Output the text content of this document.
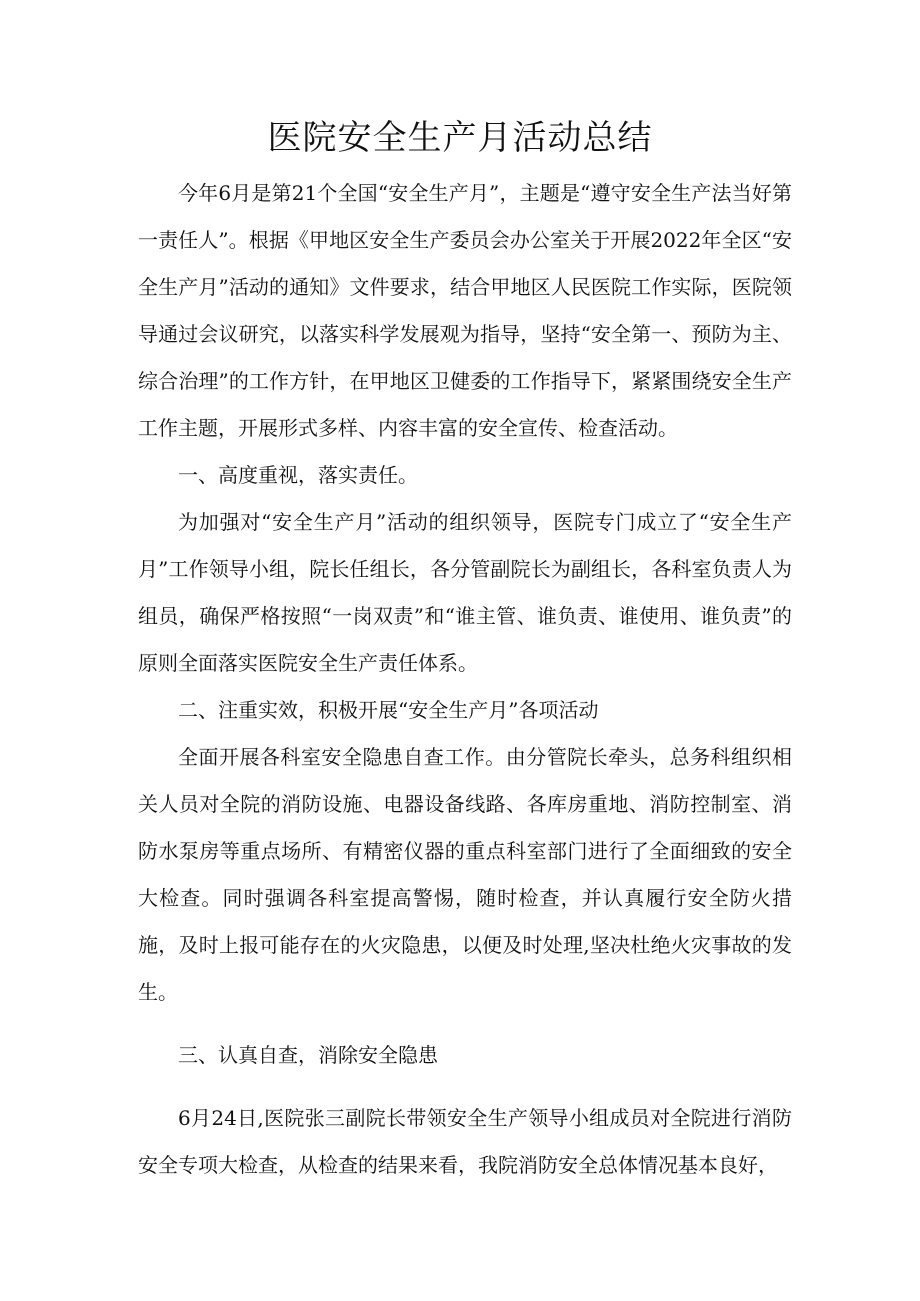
医院安全生产月活动总结

今年6月是第21个全国“安全生产月”，主题是“遵守安全生产法当好第一责任人”。根据《甲地区安全生产委员会办公室关于开展2022年全区“安全生产月”活动的通知》文件要求，结合甲地区人民医院工作实际，医院领导通过会议研究，以落实科学发展观为指导，坚持“安全第一、预防为主、综合治理”的工作方针，在甲地区卫健委的工作指导下，紧紧围绕安全生产工作主题，开展形式多样、内容丰富的安全宣传、检查活动。

一、高度重视，落实责任。

为加强对“安全生产月”活动的组织领导，医院专门成立了“安全生产月”工作领导小组，院长任组长，各分管副院长为副组长，各科室负责人为组员，确保严格按照“一岗双责”和“谁主管、谁负责、谁使用、谁负责”的原则全面落实医院安全生产责任体系。

二、注重实效，积极开展“安全生产月”各项活动

全面开展各科室安全隐患自查工作。由分管院长牵头，总务科组织相关人员对全院的消防设施、电器设备线路、各库房重地、消防控制室、消防水泵房等重点场所、有精密仪器的重点科室部门进行了全面细致的安全大检查。同时强调各科室提高警惕，随时检查，并认真履行安全防火措施，及时上报可能存在的火灾隐患，以便及时处理,坚决杜绝火灾事故的发生。

三、认真自查，消除安全隐患

6月24日,医院张三副院长带领安全生产领导小组成员对全院进行消防安全专项大检查，从检查的结果来看，我院消防安全总体情况基本良好，
